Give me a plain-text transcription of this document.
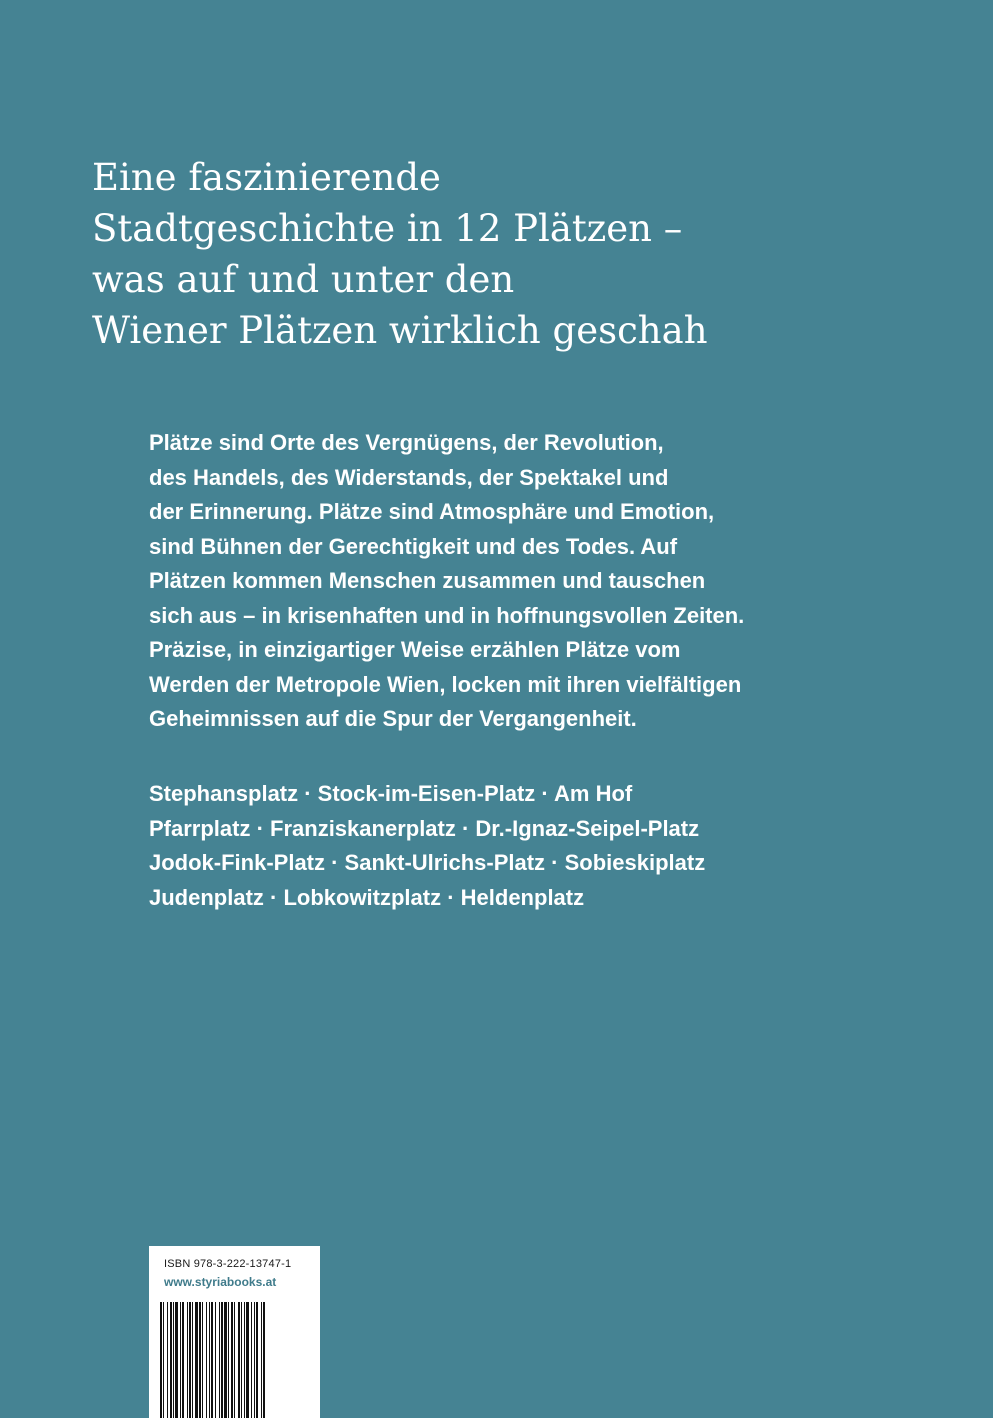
Eine faszinierende
Stadtgeschichte in 12 Plätzen –
was auf und unter den
Wiener Plätzen wirklich geschah
Plätze sind Orte des Vergnügens, der Revolution,
des Handels, des Widerstands, der Spektakel und
der Erinnerung. Plätze sind Atmosphäre und Emotion,
sind Bühnen der Gerechtigkeit und des Todes. Auf
Plätzen kommen Menschen zusammen und tauschen
sich aus – in krisenhaften und in hoffnungsvollen Zeiten.
Präzise, in einzigartiger Weise erzählen Plätze vom
Werden der Metropole Wien, locken mit ihren vielfältigen
Geheimnissen auf die Spur der Vergangenheit.
Stephansplatz · Stock-im-Eisen-Platz · Am Hof
Pfarrplatz · Franziskanerplatz · Dr.-Ignaz-Seipel-Platz
Jodok-Fink-Platz · Sankt-Ulrichs-Platz · Sobieskiplatz
Judenplatz · Lobkowitzplatz · Heldenplatz
ISBN 978-3-222-13747-1
www.styriabooks.at
